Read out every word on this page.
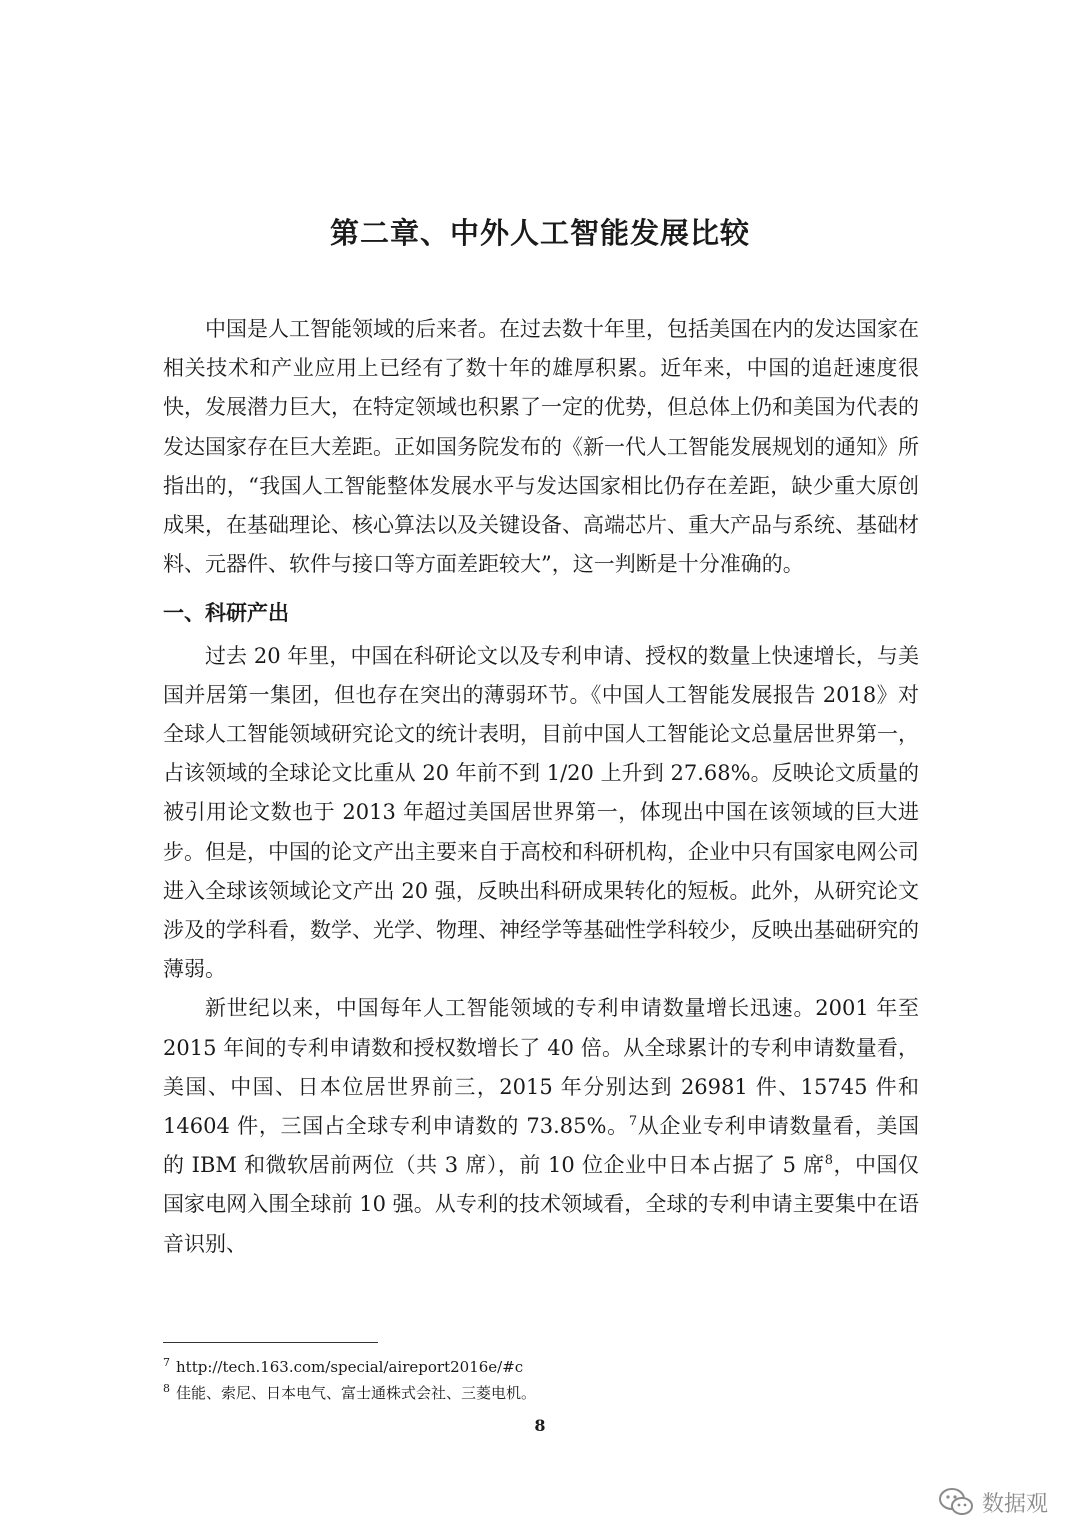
第二章、中外人工智能发展比较

中国是人工智能领域的后来者。在过去数十年里，包括美国在内的发达国家在相关技术和产业应用上已经有了数十年的雄厚积累。近年来，中国的追赶速度很快，发展潜力巨大，在特定领域也积累了一定的优势，但总体上仍和美国为代表的发达国家存在巨大差距。正如国务院发布的《新一代人工智能发展规划的通知》所指出的，“我国人工智能整体发展水平与发达国家相比仍存在差距，缺少重大原创成果，在基础理论、核心算法以及关键设备、高端芯片、重大产品与系统、基础材料、元器件、软件与接口等方面差距较大”，这一判断是十分准确的。

一、科研产出

过去 20 年里，中国在科研论文以及专利申请、授权的数量上快速增长，与美国并居第一集团，但也存在突出的薄弱环节。《中国人工智能发展报告 2018》对全球人工智能领域研究论文的统计表明，目前中国人工智能论文总量居世界第一，占该领域的全球论文比重从 20 年前不到 1/20 上升到 27.68%。反映论文质量的被引用论文数也于 2013 年超过美国居世界第一，体现出中国在该领域的巨大进步。但是，中国的论文产出主要来自于高校和科研机构，企业中只有国家电网公司进入全球该领域论文产出 20 强，反映出科研成果转化的短板。此外，从研究论文涉及的学科看，数学、光学、物理、神经学等基础性学科较少，反映出基础研究的薄弱。

新世纪以来，中国每年人工智能领域的专利申请数量增长迅速。2001 年至 2015 年间的专利申请数和授权数增长了 40 倍。从全球累计的专利申请数量看，美国、中国、日本位居世界前三，2015 年分别达到 26981 件、15745 件和 14604 件，三国占全球专利申请数的 73.85%。$^7$从企业专利申请数量看，美国的 IBM 和微软居前两位（共 3 席），前 10 位企业中日本占据了 5 席$^8$，中国仅国家电网入围全球前 10 强。从专利的技术领域看，全球的专利申请主要集中在语音识别、

$^7$ http://tech.163.com/special/aireport2016e/#c
$^8$ 佳能、索尼、日本电气、富士通株式会社、三菱电机。
8
数据观
